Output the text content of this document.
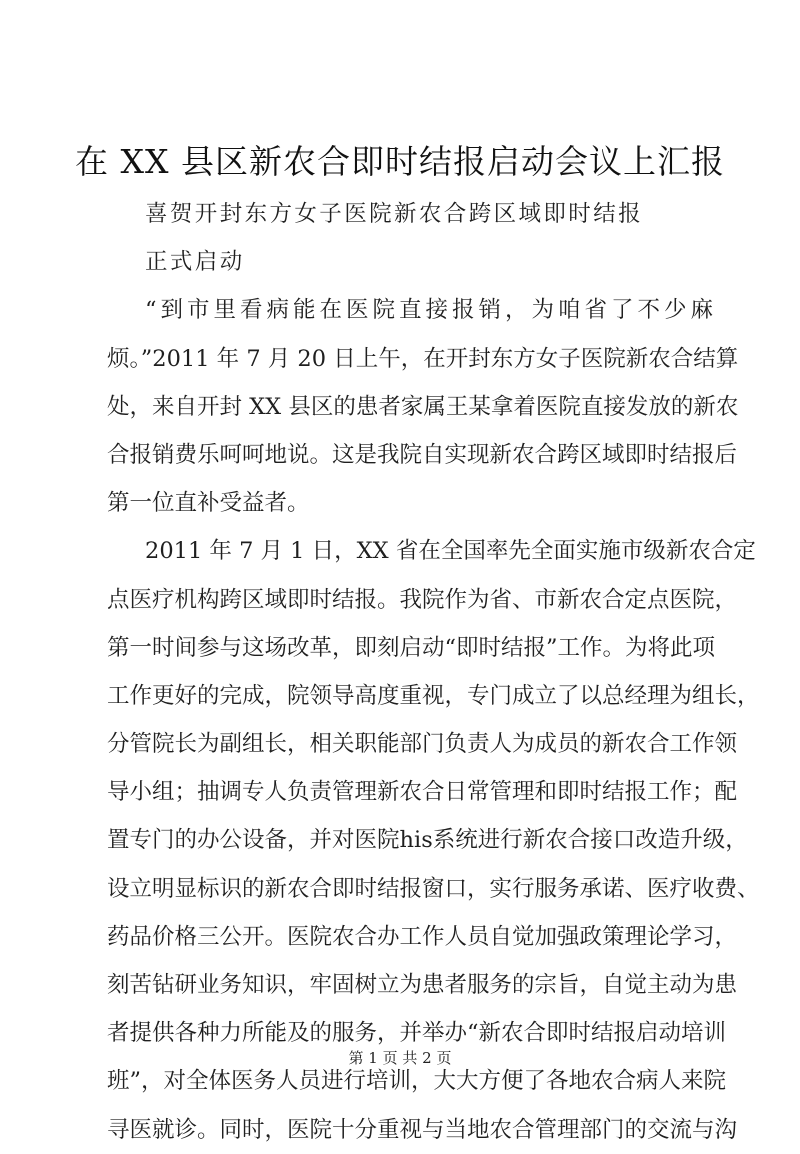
在 XX 县区新农合即时结报启动会议上汇报
喜贺开封东方女子医院新农合跨区域即时结报
正式启动
“到市里看病能在医院直接报销，为咱省了不少麻
烦。”2011 年 7 月 20 日上午，在开封东方女子医院新农合结算
处，来自开封 XX 县区的患者家属王某拿着医院直接发放的新农
合报销费乐呵呵地说。这是我院自实现新农合跨区域即时结报后
第一位直补受益者。
2011 年 7 月 1 日，XX 省在全国率先全面实施市级新农合定
点医疗机构跨区域即时结报。我院作为省、市新农合定点医院，
第一时间参与这场改革，即刻启动“即时结报”工作。为将此项
工作更好的完成，院领导高度重视，专门成立了以总经理为组长，
分管院长为副组长，相关职能部门负责人为成员的新农合工作领
导小组；抽调专人负责管理新农合日常管理和即时结报工作；配
置专门的办公设备，并对医院his系统进行新农合接口改造升级，
设立明显标识的新农合即时结报窗口，实行服务承诺、医疗收费、
药品价格三公开。医院农合办工作人员自觉加强政策理论学习，
刻苦钻研业务知识，牢固树立为患者服务的宗旨，自觉主动为患
者提供各种力所能及的服务，并举办“新农合即时结报启动培训
班”，对全体医务人员进行培训，大大方便了各地农合病人来院
寻医就诊。同时，医院十分重视与当地农合管理部门的交流与沟
第 1 页 共 2 页
